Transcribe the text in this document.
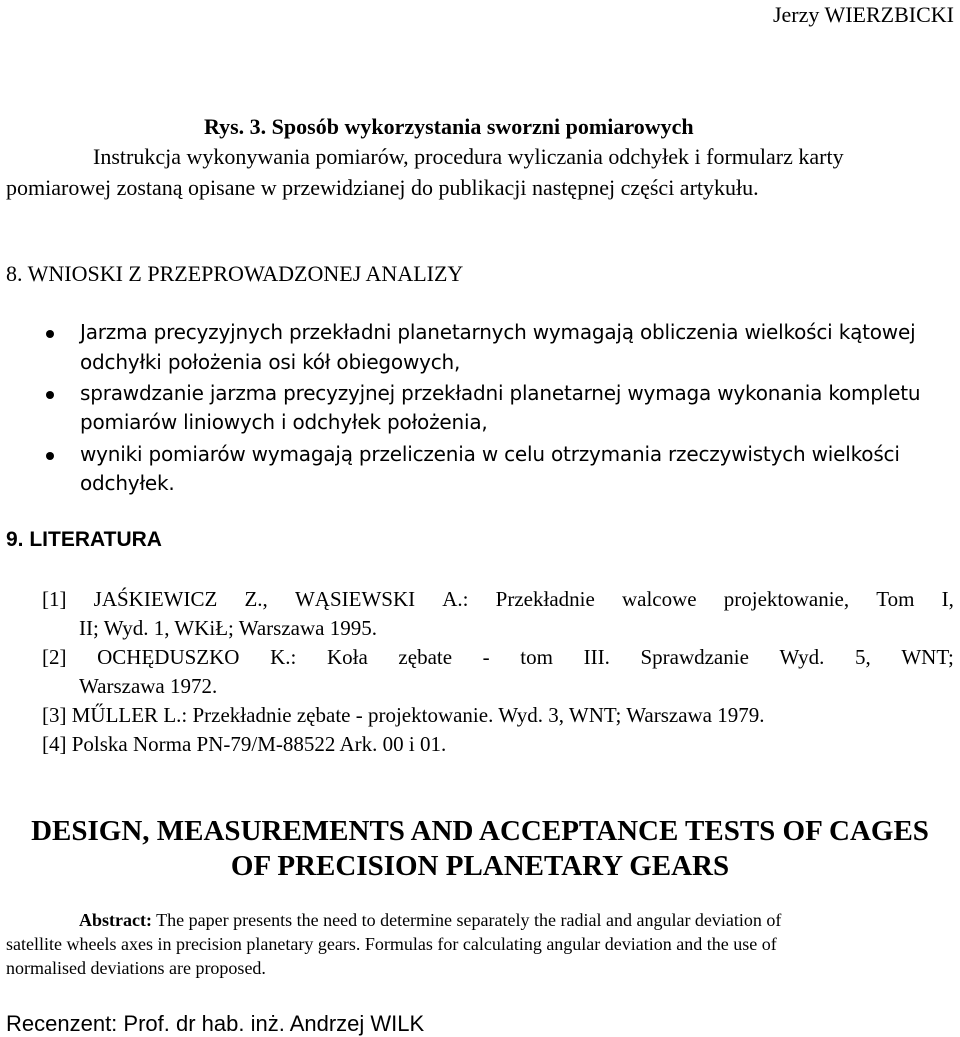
Jerzy WIERZBICKI
Rys. 3. Sposób wykorzystania sworzni pomiarowych
Instrukcja wykonywania pomiarów, procedura wyliczania odchyłek i formularz karty
pomiarowej zostaną opisane w przewidzianej do publikacji następnej części artykułu.
8. WNIOSKI Z PRZEPROWADZONEJ ANALIZY
Jarzma precyzyjnych przekładni planetarnych wymagają obliczenia wielkości kątowej
odchyłki położenia osi kół obiegowych,
sprawdzanie jarzma precyzyjnej przekładni planetarnej wymaga wykonania kompletu
pomiarów liniowych i odchyłek położenia,
wyniki pomiarów wymagają przeliczenia w celu otrzymania rzeczywistych wielkości
odchyłek.
9. LITERATURA
[1] JAŚKIEWICZ Z., WĄSIEWSKI A.: Przekładnie walcowe projektowanie, Tom I,
II; Wyd. 1, WKiŁ; Warszawa 1995.
[2] OCHĘDUSZKO K.: Koła zębate - tom III. Sprawdzanie Wyd. 5, WNT;
Warszawa 1972.
[3] MŰLLER L.: Przekładnie zębate - projektowanie. Wyd. 3, WNT; Warszawa 1979.
[4] Polska Norma PN-79/M-88522 Ark. 00 i 01.
DESIGN, MEASUREMENTS AND ACCEPTANCE TESTS OF CAGES
OF PRECISION PLANETARY GEARS
Abstract: The paper presents the need to determine separately the radial and angular deviation of
satellite wheels axes in precision planetary gears. Formulas for calculating angular deviation and the use of
normalised deviations are proposed.
Recenzent: Prof. dr hab. inż. Andrzej WILK
